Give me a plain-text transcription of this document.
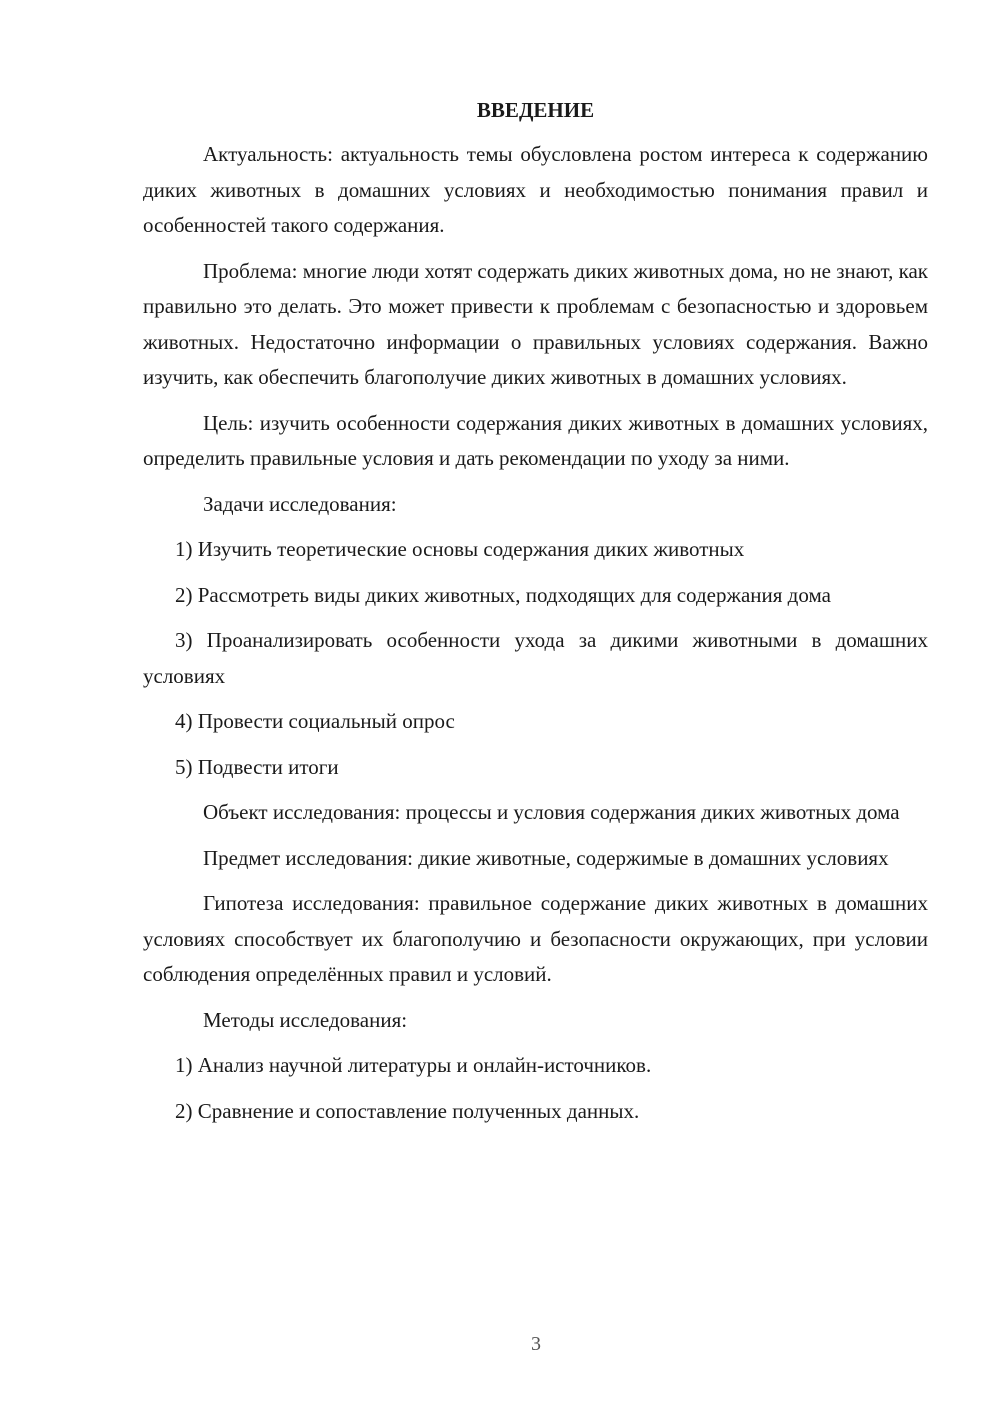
ВВЕДЕНИЕ

Актуальность: актуальность темы обусловлена ростом интереса к содержанию диких животных в домашних условиях и необходимостью понимания правил и особенностей такого содержания.

Проблема: многие люди хотят содержать диких животных дома, но не знают, как правильно это делать. Это может привести к проблемам с безопасностью и здоровьем животных. Недостаточно информации о правильных условиях содержания. Важно изучить, как обеспечить благополучие диких животных в домашних условиях.

Цель: изучить особенности содержания диких животных в домашних условиях, определить правильные условия и дать рекомендации по уходу за ними.

Задачи исследования:

1) Изучить теоретические основы содержания диких животных

2) Рассмотреть виды диких животных, подходящих для содержания дома

3) Проанализировать особенности ухода за дикими животными в домашних условиях

4) Провести социальный опрос

5) Подвести итоги

Объект исследования: процессы и условия содержания диких животных дома

Предмет исследования: дикие животные, содержимые в домашних условиях

Гипотеза исследования: правильное содержание диких животных в домашних условиях способствует их благополучию и безопасности окружающих, при условии соблюдения определённых правил и условий.

Методы исследования:

1) Анализ научной литературы и онлайн-источников.

2) Сравнение и сопоставление полученных данных.

3
